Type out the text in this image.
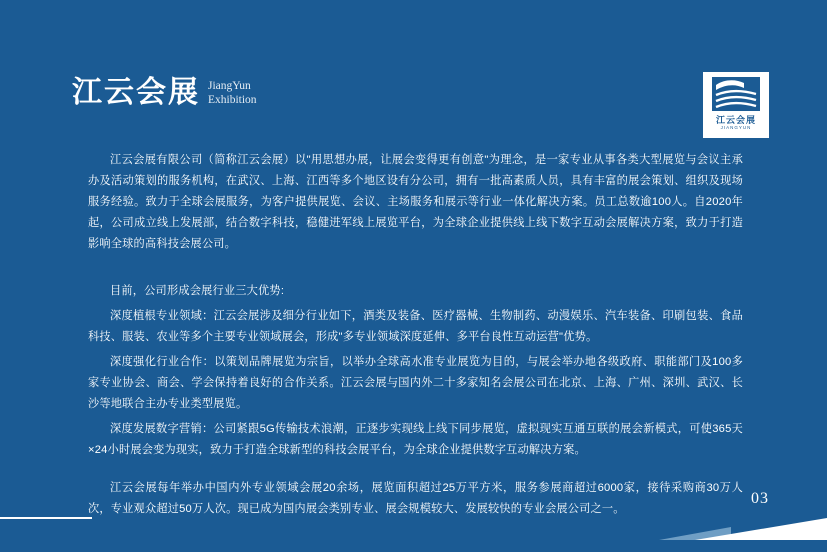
江云会展 JiangYun
Exhibition
江云会展
JIANGYUN

江云会展有限公司（简称江云会展）以"用思想办展，让展会变得更有创意"为理念，是一家专业从事各类大型展览与会议主承办及活动策划的服务机构，在武汉、上海、江西等多个地区设有分公司，拥有一批高素质人员，具有丰富的展会策划、组织及现场服务经验。致力于全球会展服务，为客户提供展览、会议、主场服务和展示等行业一体化解决方案。员工总数逾100人。自2020年起，公司成立线上发展部，结合数字科技，稳健进军线上展览平台，为全球企业提供线上线下数字互动会展解决方案，致力于打造影响全球的高科技会展公司。

目前，公司形成会展行业三大优势:

深度植根专业领域：江云会展涉及细分行业如下，酒类及装备、医疗器械、生物制药、动漫娱乐、汽车装备、印刷包装、食品科技、服装、农业等多个主要专业领域展会，形成"多专业领域深度延伸、多平台良性互动运营"优势。

深度强化行业合作：以策划品牌展览为宗旨，以举办全球高水准专业展览为目的，与展会举办地各级政府、职能部门及100多家专业协会、商会、学会保持着良好的合作关系。江云会展与国内外二十多家知名会展公司在北京、上海、广州、深圳、武汉、长沙等地联合主办专业类型展览。

深度发展数字营销：公司紧跟5G传输技术浪潮，正逐步实现线上线下同步展览，虚拟现实互通互联的展会新模式，可使365天×24小时展会变为现实，致力于打造全球新型的科技会展平台，为全球企业提供数字互动解决方案。

江云会展每年举办中国内外专业领域会展20余场，展览面积超过25万平方米，服务参展商超过6000家，接待采购商30万人次，专业观众超过50万人次。现已成为国内展会类别专业、展会规模较大、发展较快的专业会展公司之一。

03
